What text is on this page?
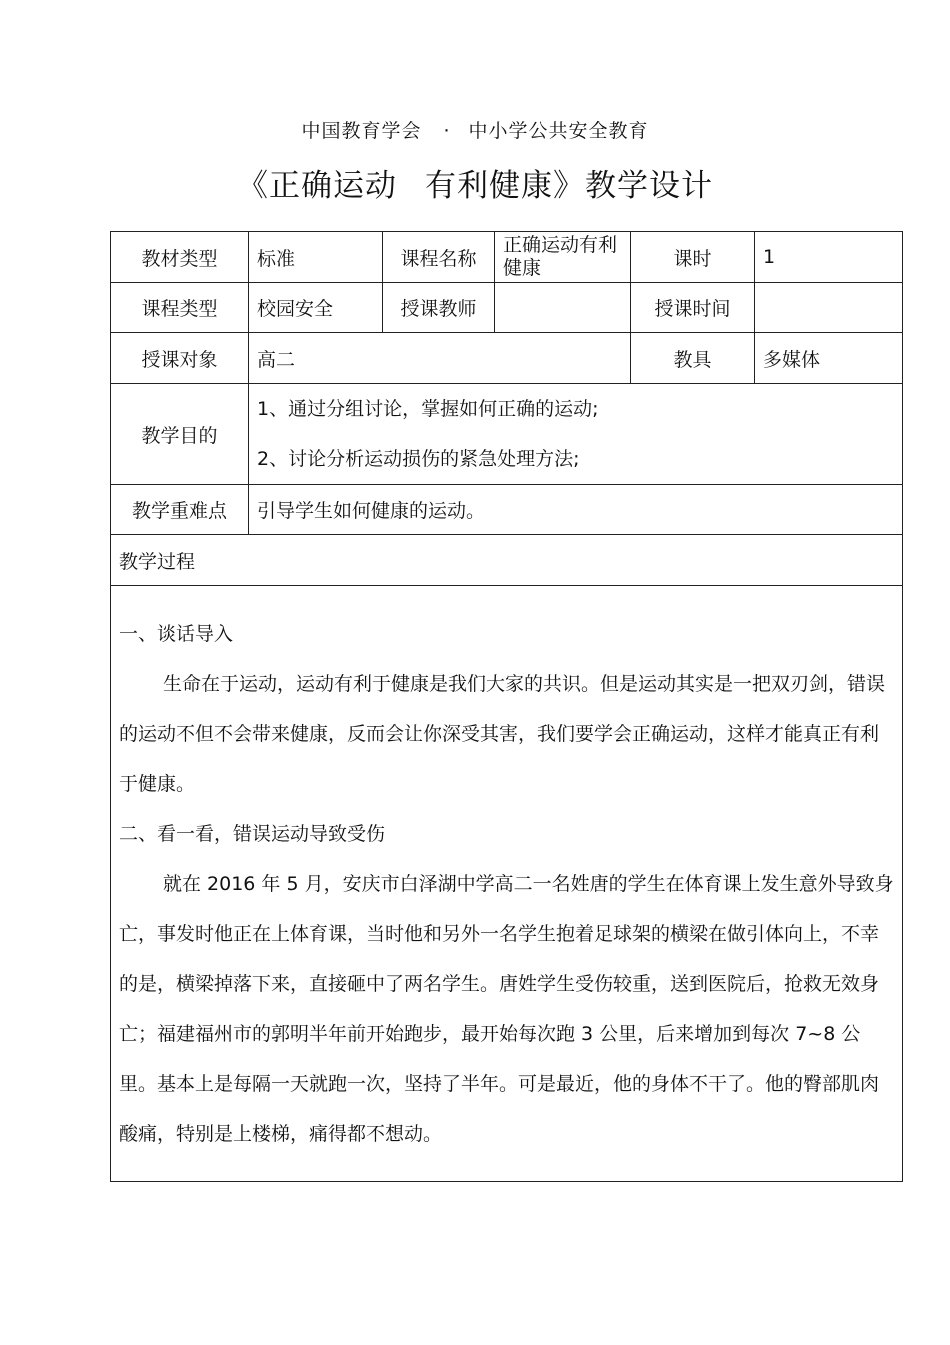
中国教育学会 · 中小学公共安全教育
《正确运动 有利健康》教学设计
教材类型	标准	课程名称	正确运动有利健康	课时	1
课程类型	校园安全	授课教师		授课时间	
授课对象	高二			教具	多媒体
教学目的	1、通过分组讨论，掌握如何正确的运动;
2、讨论分析运动损伤的紧急处理方法;				

教学重难点	引导学生如何健康的运动。				
教学过程					

一、谈话导入
生命在于运动，运动有利于健康是我们大家的共识。但是运动其实是一把双刃剑，错误的运动不但不会带来健康，反而会让你深受其害，我们要学会正确运动，这样才能真正有利于健康。
二、看一看，错误运动导致受伤
就在 2016 年 5 月，安庆市白泽湖中学高二一名姓唐的学生在体育课上发生意外导致身亡，事发时他正在上体育课，当时他和另外一名学生抱着足球架的横梁在做引体向上，不幸的是，横梁掉落下来，直接砸中了两名学生。唐姓学生受伤较重，送到医院后，抢救无效身亡；福建福州市的郭明半年前开始跑步，最开始每次跑 3 公里，后来增加到每次 7~8 公里。基本上是每隔一天就跑一次，坚持了半年。可是最近，他的身体不干了。他的臀部肌肉酸痛，特别是上楼梯，痛得都不想动。					
